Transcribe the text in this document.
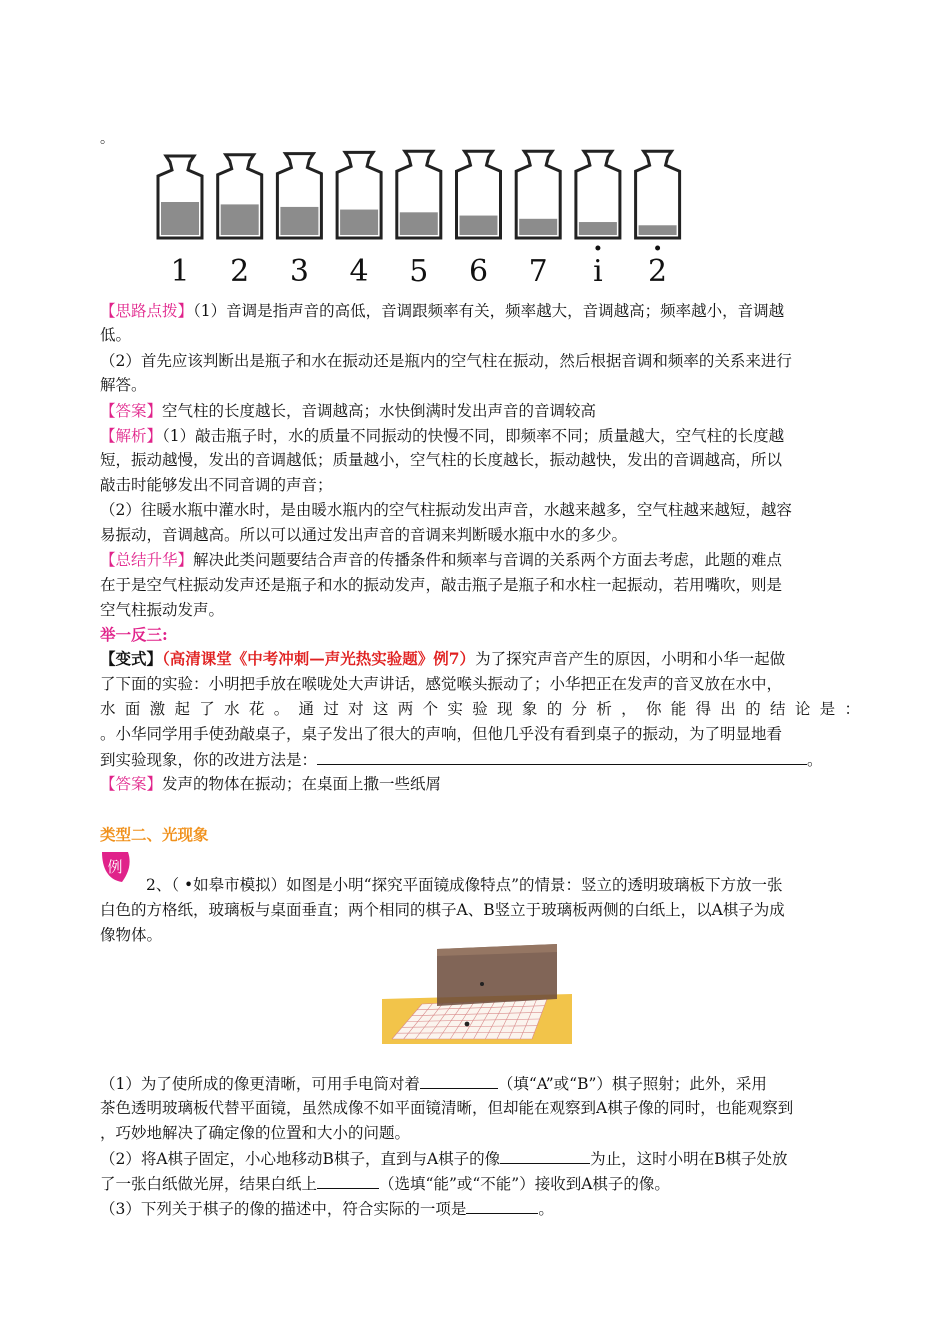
。
1 2 3 4 5 6 7 i 2
【思路点拨】（1）音调是指声音的高低，音调跟频率有关，频率越大，音调越高；频率越小，音调越
低。
（2）首先应该判断出是瓶子和水在振动还是瓶内的空气柱在振动，然后根据音调和频率的关系来进行
解答。
【答案】空气柱的长度越长，音调越高；水快倒满时发出声音的音调较高
【解析】（1）敲击瓶子时，水的质量不同振动的快慢不同，即频率不同；质量越大，空气柱的长度越
短，振动越慢，发出的音调越低；质量越小，空气柱的长度越长，振动越快，发出的音调越高，所以
敲击时能够发出不同音调的声音；
（2）往暖水瓶中灌水时，是由暖水瓶内的空气柱振动发出声音，水越来越多，空气柱越来越短，越容
易振动，音调越高。所以可以通过发出声音的音调来判断暖水瓶中水的多少。
【总结升华】解决此类问题要结合声音的传播条件和频率与音调的关系两个方面去考虑，此题的难点
在于是空气柱振动发声还是瓶子和水的振动发声，敲击瓶子是瓶子和水柱一起振动，若用嘴吹，则是
空气柱振动发声。
举一反三:
【变式】（高清课堂《中考冲刺—声光热实验题》例7）为了探究声音产生的原因，小明和小华一起做
了下面的实验：小明把手放在喉咙处大声讲话，感觉喉头振动了；小华把正在发声的音叉放在水中，
水面激起了水花。通过对这两个实验现象的分析，你能得出的结论是：
。小华同学用手使劲敲桌子，桌子发出了很大的声响，但他几乎没有看到桌子的振动，为了明显地看
到实验现象，你的改进方法是：	。
【答案】发声的物体在振动；在桌面上撒一些纸屑
类型二、光现象
例
2、（ •如皋市模拟）如图是小明“探究平面镜成像特点”的情景：竖立的透明玻璃板下方放一张
白色的方格纸，玻璃板与桌面垂直；两个相同的棋子A、B竖立于玻璃板两侧的白纸上，以A棋子为成
像物体。
（1）为了使所成的像更清晰，可用手电筒对着	（填“A”或“B”）棋子照射；此外，采用
茶色透明玻璃板代替平面镜，虽然成像不如平面镜清晰，但却能在观察到A棋子像的同时，也能观察到
，巧妙地解决了确定像的位置和大小的问题。
（2）将A棋子固定，小心地移动B棋子，直到与A棋子的像	为止，这时小明在B棋子处放
了一张白纸做光屏，结果白纸上	（选填“能”或“不能”）接收到A棋子的像。
（3）下列关于棋子的像的描述中，符合实际的一项是	。
